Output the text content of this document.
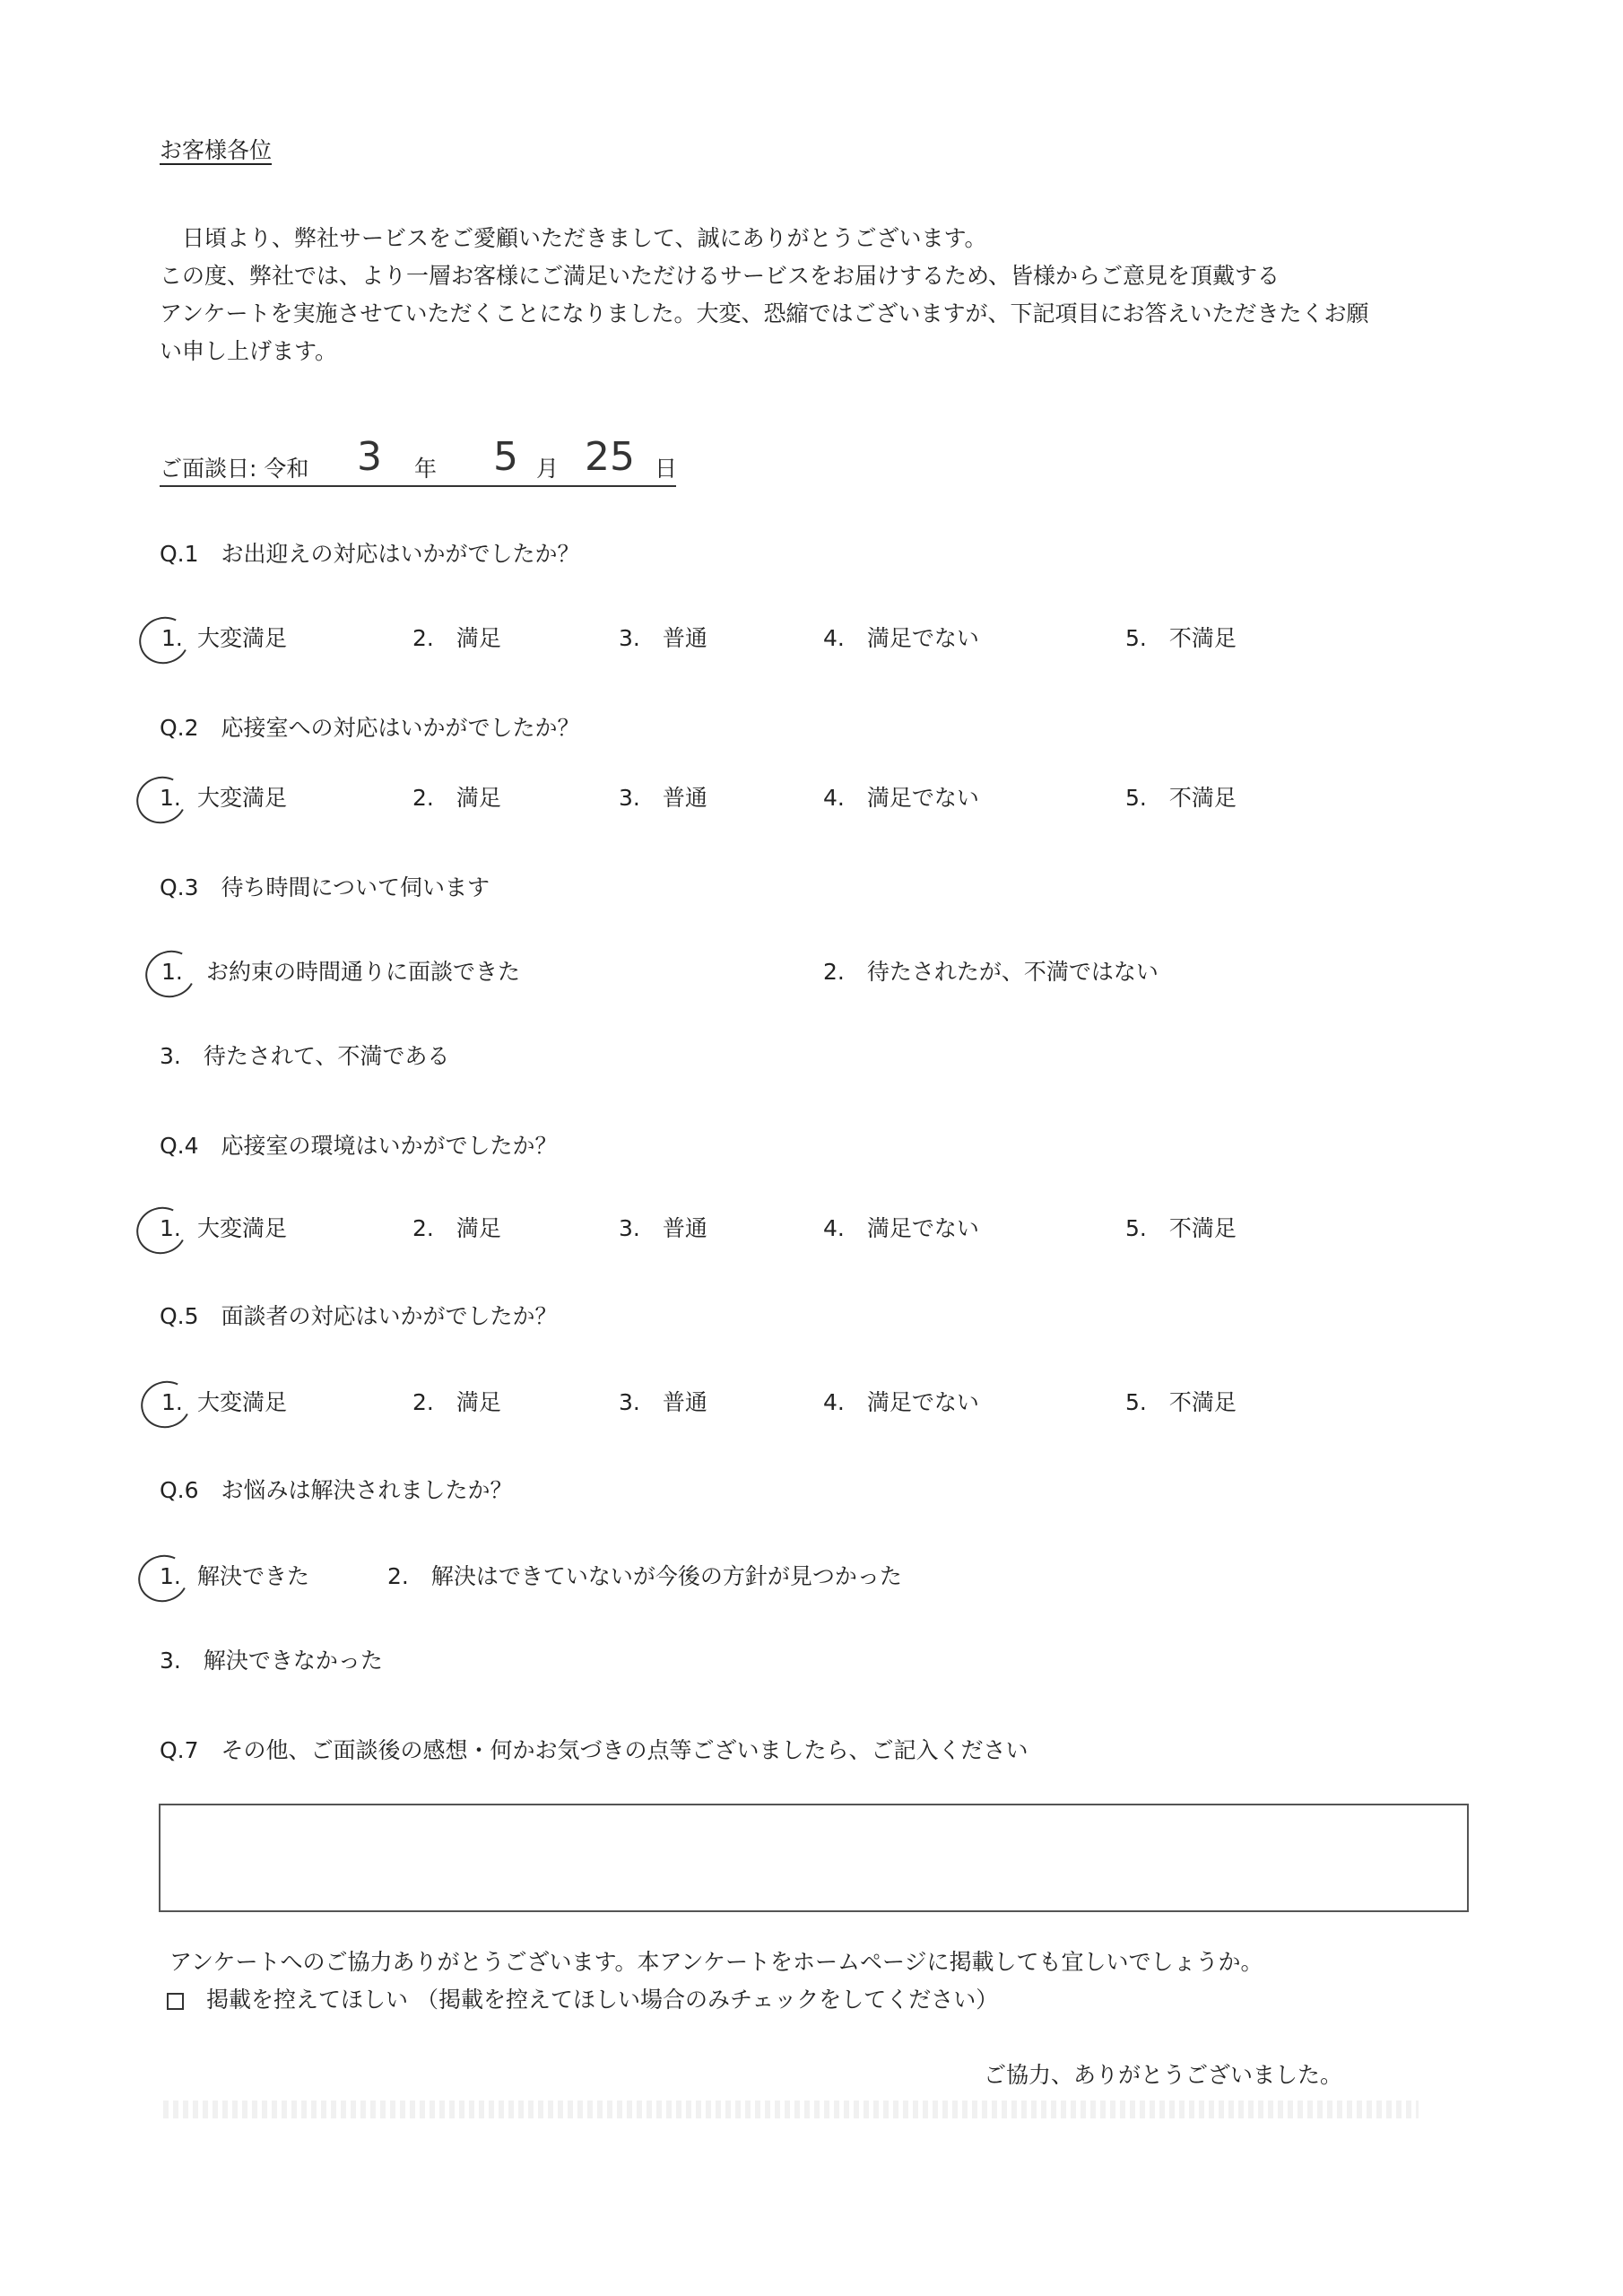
お客様各位
日頃より、弊社サービスをご愛顧いただきまして、誠にありがとうございます。
この度、弊社では、より一層お客様にご満足いただけるサービスをお届けするため、皆様からご意見を頂戴する
アンケートを実施させていただくことになりました。大変、恐縮ではございますが、下記項目にお答えいただきたくお願
い申し上げます。
ご面談日: 令和 3 年 5 月 25 日
Q.1　お出迎えの対応はいかがでしたか？
1. 大変満足	2.　満足	3.　普通	4.　満足でない	5.　不満足
Q.2　応接室への対応はいかがでしたか？
1. 大変満足	2.　満足	3.　普通	4.　満足でない	5.　不満足
Q.3　待ち時間について伺います
1. お約束の時間通りに面談できた	2.　待たされたが、不満ではない
3.　待たされて、不満である
Q.4　応接室の環境はいかがでしたか？
1. 大変満足	2.　満足	3.　普通	4.　満足でない	5.　不満足
Q.5　面談者の対応はいかがでしたか？
1. 大変満足	2.　満足	3.　普通	4.　満足でない	5.　不満足
Q.6　お悩みは解決されましたか？
1. 解決できた	2.　解決はできていないが今後の方針が見つかった
3.　解決できなかった
Q.7　その他、ご面談後の感想・何かお気づきの点等ございましたら、ご記入ください
アンケートへのご協力ありがとうございます。本アンケートをホームページに掲載しても宜しいでしょうか。
掲載を控えてほしい （掲載を控えてほしい場合のみチェックをしてください）
ご協力、ありがとうございました。
